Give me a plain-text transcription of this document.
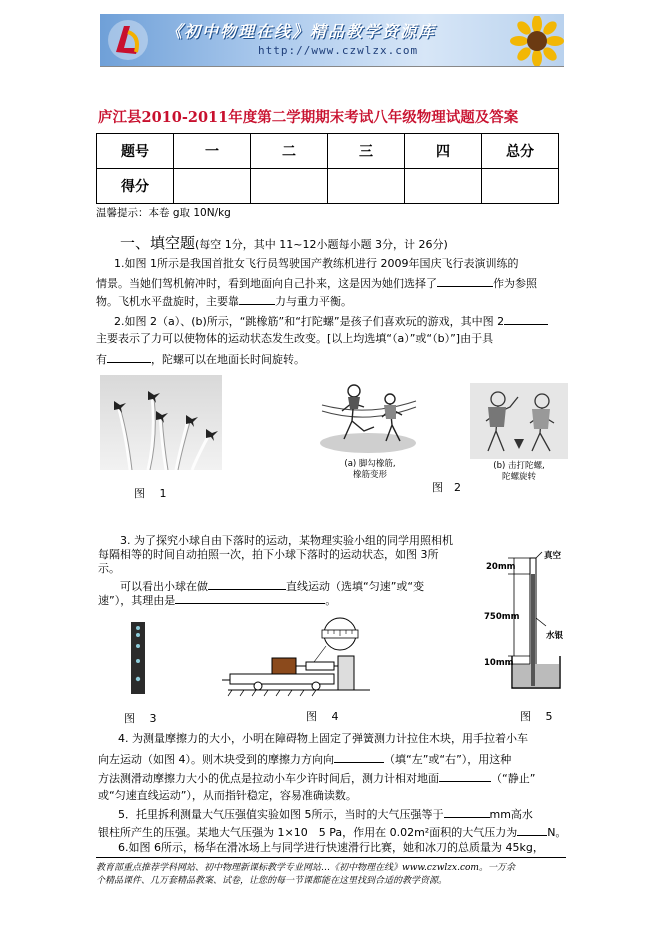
《初中物理在线》精品教学资源库
http://www.czwlzx.com
庐江县2010-2011年度第二学期期末考试八年级物理试题及答案
题号	一	二	三	四	总分
得分					
温馨提示：本卷 g取 10N/kg
一、填空题(每空 1分，其中 11~12小题每小题 3分，计 26分)
1.如图 1所示是我国首批女飞行员驾驶国产教练机进行 2009年国庆飞行表演训练的
情景。当她们驾机俯冲时，看到地面向自己扑来，这是因为她们选择了	作为参照
物。飞机水平盘旋时，主要靠	力与重力平衡。
2.如图 2（a）、(b)所示，“跳橡筋”和“打陀螺”是孩子们喜欢玩的游戏，其中图 2
主要表示了力可以使物体的运动状态发生改变。[以上均选填“（a）”或“（b）”]由于具
有	，陀螺可以在地面长时间旋转。
图　 1
(a) 脚勾橡筋,
橡筋变形
(b) 击打陀螺,
陀螺旋转
图　2
3. 为了探究小球自由下落时的运动，某物理实验小组的同学用照相机
每隔相等的时间自动拍照一次，拍下小球下落时的运动状态，如图 3所
示。
可以看出小球在做	直线运动（选填“匀速”或“变
速”），其理由是	。
真空
20mm
750mm
水银
10mm
图　 3	图　 4	图　 5
4. 为测量摩擦力的大小，小明在障碍物上固定了弹簧测力计拉住木块，用手拉着小车
向左运动（如图 4）。则木块受到的摩擦力方向向	（填“左”或“右”），用这种
方法测滑动摩擦力大小的优点是拉动小车少许时间后，测力计相对地面	（“静止”
或“匀速直线运动”），从而指针稳定，容易准确读数。
5．托里拆利测量大气压强值实验如图 5所示，当时的大气压强等于	mm高水
银柱所产生的压强。某地大气压强为 1×10　5 Pa，作用在 0.02m²面积的大气压力为	N。
6.如图 6所示，杨华在滑冰场上与同学进行快速滑行比赛，她和冰刀的总质量为 45kg，
教育部重点推荐学科网站、初中物理新课标教学专业网站…《初中物理在线》www.czwlzx.com。一万余
个精品课件、几万套精品教案、试卷，让您的每一节课都能在这里找到合适的教学资源。
